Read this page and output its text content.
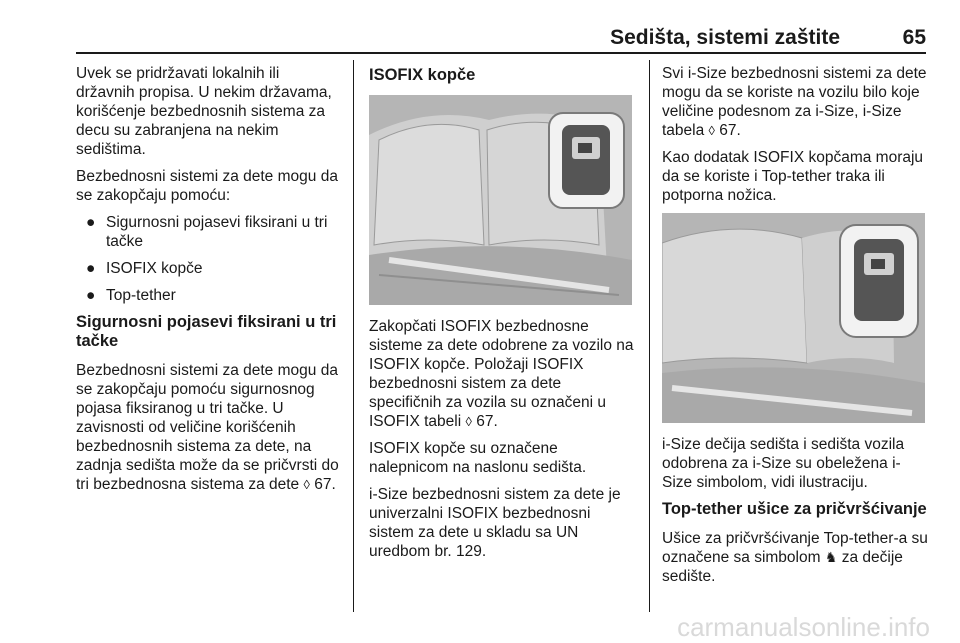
Sedišta, sistemi zaštite	65

Uvek se pridržavati lokalnih ili državnih propisa. U nekim državama, korišćenje bezbednosnih sistema za decu su zabranjena na nekim sedištima.

Bezbednosni sistemi za dete mogu da se zakopčaju pomoću:

● Sigurnosni pojasevi fiksirani u tri tačke
● ISOFIX kopče
● Top-tether
Sigurnosni pojasevi fiksirani u tri tačke

Bezbednosni sistemi za dete mogu da se zakopčaju pomoću sigurnosnog pojasa fiksiranog u tri tačke. U zavisnosti od veličine korišćenih bezbednosnih sistema za dete, na zadnja sedišta može da se pričvrsti do tri bezbednosna sistema za dete ◊ 67.

ISOFIX kopče

Zakopčati ISOFIX bezbednosne sisteme za dete odobrene za vozilo na ISOFIX kopče. Položaji ISOFIX bezbednosni sistem za dete specifičnih za vozila su označeni u ISOFIX tabeli ◊ 67.

ISOFIX kopče su označene nalepnicom na naslonu sedišta.

i-Size bezbednosni sistem za dete je univerzalni ISOFIX bezbednosni sistem za dete u skladu sa UN uredbom br. 129.

Svi i-Size bezbednosni sistemi za dete mogu da se koriste na vozilu bilo koje veličine podesnom za i-Size, i-Size tabela ◊ 67.

Kao dodatak ISOFIX kopčama moraju da se koriste i Top-tether traka ili potporna nožica.

i-Size dečija sedišta i sedišta vozila odobrena za i-Size su obeležena i-Size simbolom, vidi ilustraciju.

Top-tether ušice za pričvršćivanje

Ušice za pričvršćivanje Top-tether-a su označene sa simbolom ♞ za dečije sedište.

carmanualsonline.info
